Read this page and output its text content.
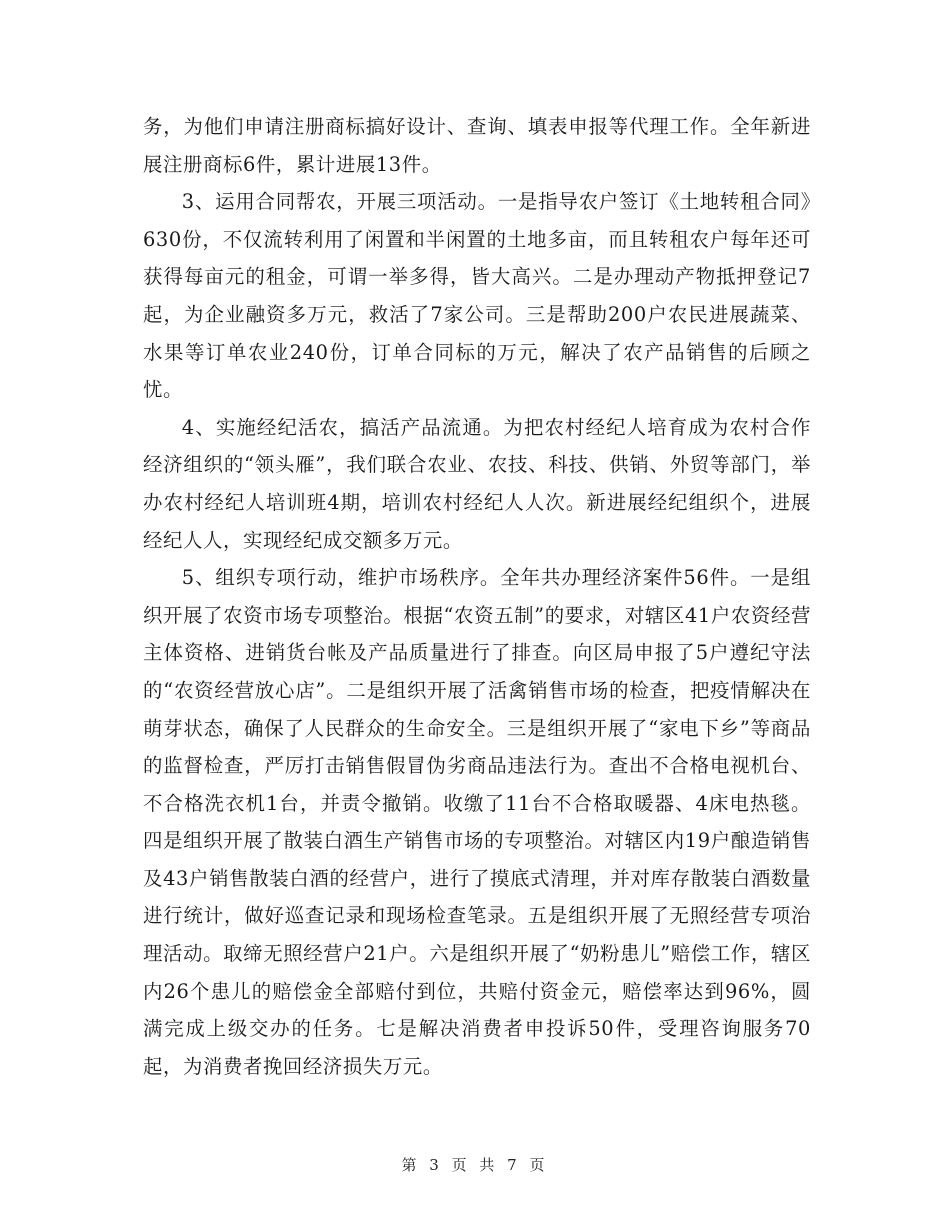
务，为他们申请注册商标搞好设计、查询、填表申报等代理工作。全年新进展注册商标6件，累计进展13件。

3、运用合同帮农，开展三项活动。一是指导农户签订《土地转租合同》630份，不仅流转利用了闲置和半闲置的土地多亩，而且转租农户每年还可获得每亩元的租金，可谓一举多得，皆大高兴。二是办理动产物抵押登记7起，为企业融资多万元，救活了7家公司。三是帮助200户农民进展蔬菜、水果等订单农业240份，订单合同标的万元，解决了农产品销售的后顾之忧。

4、实施经纪活农，搞活产品流通。为把农村经纪人培育成为农村合作经济组织的“领头雁”，我们联合农业、农技、科技、供销、外贸等部门，举办农村经纪人培训班4期，培训农村经纪人人次。新进展经纪组织个，进展经纪人人，实现经纪成交额多万元。

5、组织专项行动，维护市场秩序。全年共办理经济案件56件。一是组织开展了农资市场专项整治。根据“农资五制”的要求，对辖区41户农资经营主体资格、进销货台帐及产品质量进行了排查。向区局申报了5户遵纪守法的“农资经营放心店”。二是组织开展了活禽销售市场的检查，把疫情解决在萌芽状态，确保了人民群众的生命安全。三是组织开展了“家电下乡”等商品的监督检查，严厉打击销售假冒伪劣商品违法行为。查出不合格电视机台、不合格洗衣机1台，并责令撤销。收缴了11台不合格取暖器、4床电热毯。四是组织开展了散装白酒生产销售市场的专项整治。对辖区内19户酿造销售及43户销售散装白酒的经营户，进行了摸底式清理，并对库存散装白酒数量进行统计，做好巡查记录和现场检查笔录。五是组织开展了无照经营专项治理活动。取缔无照经营户21户。六是组织开展了“奶粉患儿”赔偿工作，辖区内26个患儿的赔偿金全部赔付到位，共赔付资金元，赔偿率达到96%，圆满完成上级交办的任务。七是解决消费者申投诉50件，受理咨询服务70起，为消费者挽回经济损失万元。

第 3 页 共 7 页
